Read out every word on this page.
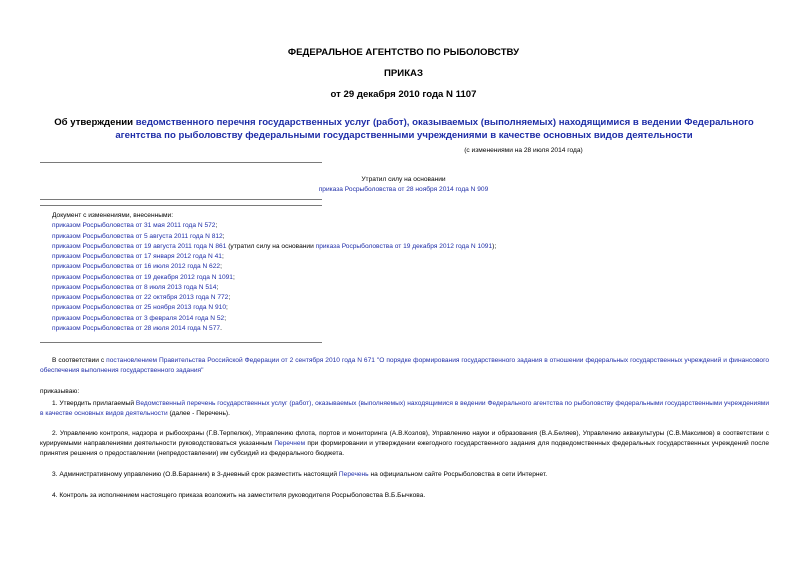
ФЕДЕРАЛЬНОЕ АГЕНТСТВО ПО РЫБОЛОВСТВУ
ПРИКАЗ
от 29 декабря 2010 года N 1107
Об утверждении ведомственного перечня государственных услуг (работ), оказываемых (выполняемых) находящимися в ведении Федерального агентства по рыболовству федеральными государственными учреждениями в качестве основных видов деятельности
(с изменениями на 28 июля 2014 года)
Утратил силу на основании
приказа Росрыболовства от 28 ноября 2014 года N 909
Документ с изменениями, внесенными:
приказом Росрыболовства от 31 мая 2011 года N 572;
приказом Росрыболовства от 5 августа 2011 года N 812;
приказом Росрыболовства от 19 августа 2011 года N 861 (утратил силу на основании приказа Росрыболовства от 19 декабря 2012 года N 1091);
приказом Росрыболовства от 17 января 2012 года N 41;
приказом Росрыболовства от 16 июля 2012 года N 622;
приказом Росрыболовства от 19 декабря 2012 года N 1091;
приказом Росрыболовства от 8 июля 2013 года N 514;
приказом Росрыболовства от 22 октября 2013 года N 772;
приказом Росрыболовства от 25 ноября 2013 года N 910;
приказом Росрыболовства от 3 февраля 2014 года N 52;
приказом Росрыболовства от 28 июля 2014 года N 577.
В соответствии с постановлением Правительства Российской Федерации от 2 сентября 2010 года N 671 "О порядке формирования государственного задания в отношении федеральных государственных учреждений и финансового обеспечения выполнения государственного задания"
приказываю:
1. Утвердить прилагаемый Ведомственный перечень государственных услуг (работ), оказываемых (выполняемых) находящимися в ведении Федерального агентства по рыболовству федеральными государственными учреждениями в качестве основных видов деятельности (далее - Перечень).
2. Управлению контроля, надзора и рыбоохраны (Г.В.Терпелюк), Управлению флота, портов и мониторинга (А.В.Козлов), Управлению науки и образования (В.А.Беляев), Управлению аквакультуры (С.В.Максимов) в соответствии с курируемыми направлениями деятельности руководствоваться указанным Перечнем при формировании и утверждении ежегодного государственного задания для подведомственных федеральных государственных учреждений после принятия решения о предоставлении (непредоставлении) им субсидий из федерального бюджета.
3. Административному управлению (О.В.Баранник) в 3-дневный срок разместить настоящий Перечень на официальном сайте Росрыболовства в сети Интернет.
4. Контроль за исполнением настоящего приказа возложить на заместителя руководителя Росрыболовства В.Б.Бычкова.
